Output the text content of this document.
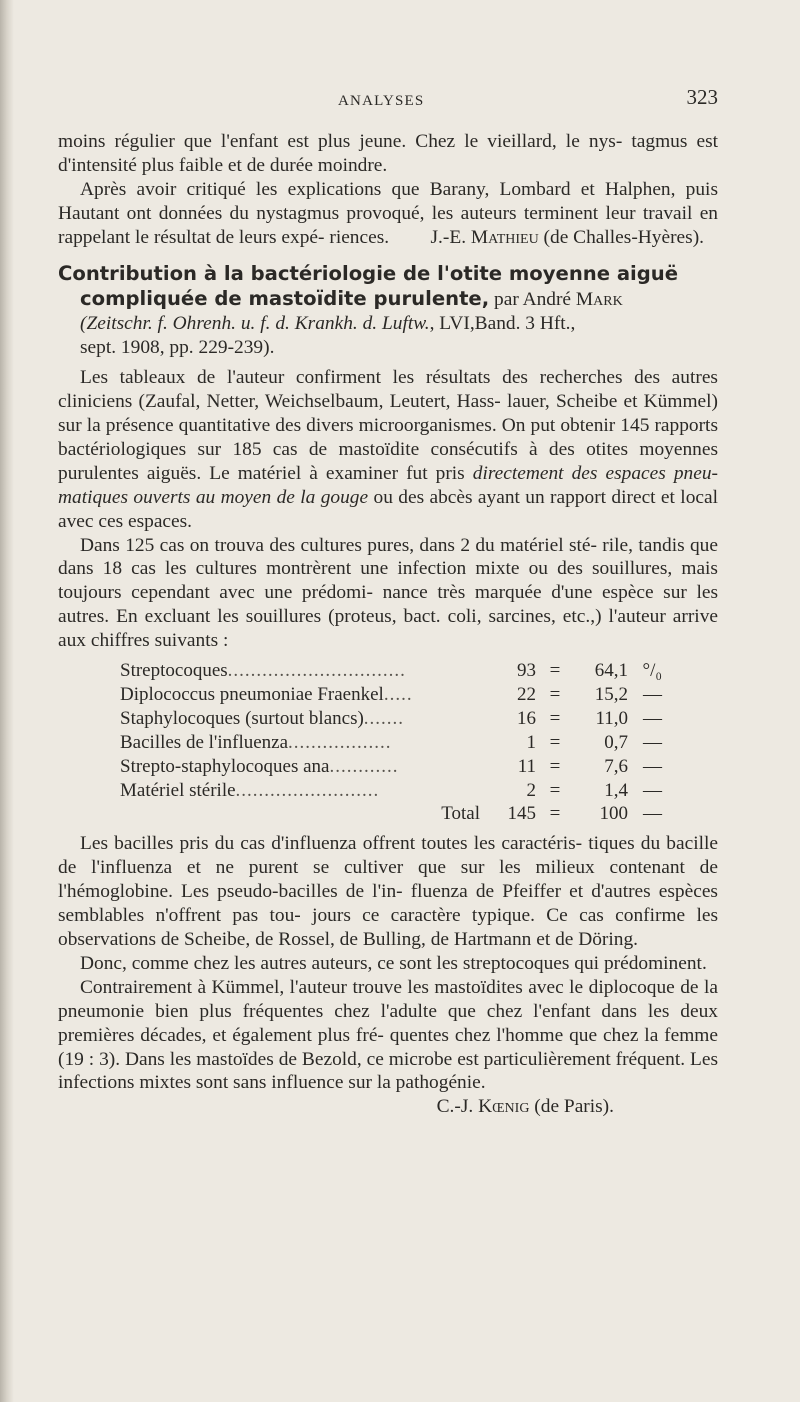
ANALYSES	323

moins régulier que l'enfant est plus jeune. Chez le vieillard, le nys- tagmus est d'intensité plus faible et de durée moindre.

Après avoir critiqué les explications que Barany, Lombard et Halphen, puis Hautant ont données du nystagmus provoqué, les auteurs terminent leur travail en rappelant le résultat de leurs expé- riences.	J.-E. Mathieu (de Challes-Hyères).

Contribution à la bactériologie de l'otite moyenne aiguë
compliquée de mastoïdite purulente, par André Mark
(Zeitschr. f. Ohrenh. u. f. d. Krankh. d. Luftw., LVI,Band. 3 Hft.,
sept. 1908, pp. 229-239).

Les tableaux de l'auteur confirment les résultats des recherches des autres cliniciens (Zaufal, Netter, Weichselbaum, Leutert, Hass- lauer, Scheibe et Kümmel) sur la présence quantitative des divers microorganismes. On put obtenir 145 rapports bactériologiques sur 185 cas de mastoïdite consécutifs à des otites moyennes purulentes aiguës. Le matériel à examiner fut pris directement des espaces pneu- matiques ouverts au moyen de la gouge ou des abcès ayant un rapport direct et local avec ces espaces.

Dans 125 cas on trouva des cultures pures, dans 2 du matériel sté- rile, tandis que dans 18 cas les cultures montrèrent une infection mixte ou des souillures, mais toujours cependant avec une prédomi- nance très marquée d'une espèce sur les autres. En excluant les souillures (proteus, bact. coli, sarcines, etc.,) l'auteur arrive aux chiffres suivants :

Streptocoques...............................	93	=	64,1	°/₀
Diplococcus pneumoniae Fraenkel.....	22	=	15,2	—
Staphylocoques (surtout blancs).......	16	=	11,0	—
Bacilles de l'influenza..................	1	=	0,7	—
Strepto-staphylocoques ana............	11	=	7,6	—
Matériel stérile.........................	2	=	1,4	—
Total	145	=	100	—

Les bacilles pris du cas d'influenza offrent toutes les caractéris- tiques du bacille de l'influenza et ne purent se cultiver que sur les milieux contenant de l'hémoglobine. Les pseudo-bacilles de l'in- fluenza de Pfeiffer et d'autres espèces semblables n'offrent pas tou- jours ce caractère typique. Ce cas confirme les observations de Scheibe, de Rossel, de Bulling, de Hartmann et de Döring.

Donc, comme chez les autres auteurs, ce sont les streptocoques qui prédominent.

Contrairement à Kümmel, l'auteur trouve les mastoïdites avec le diplocoque de la pneumonie bien plus fréquentes chez l'adulte que chez l'enfant dans les deux premières décades, et également plus fré- quentes chez l'homme que chez la femme (19 : 3). Dans les mastoïdes de Bezold, ce microbe est particulièrement fréquent. Les infections mixtes sont sans influence sur la pathogénie.

C.-J. Kœnig (de Paris).
